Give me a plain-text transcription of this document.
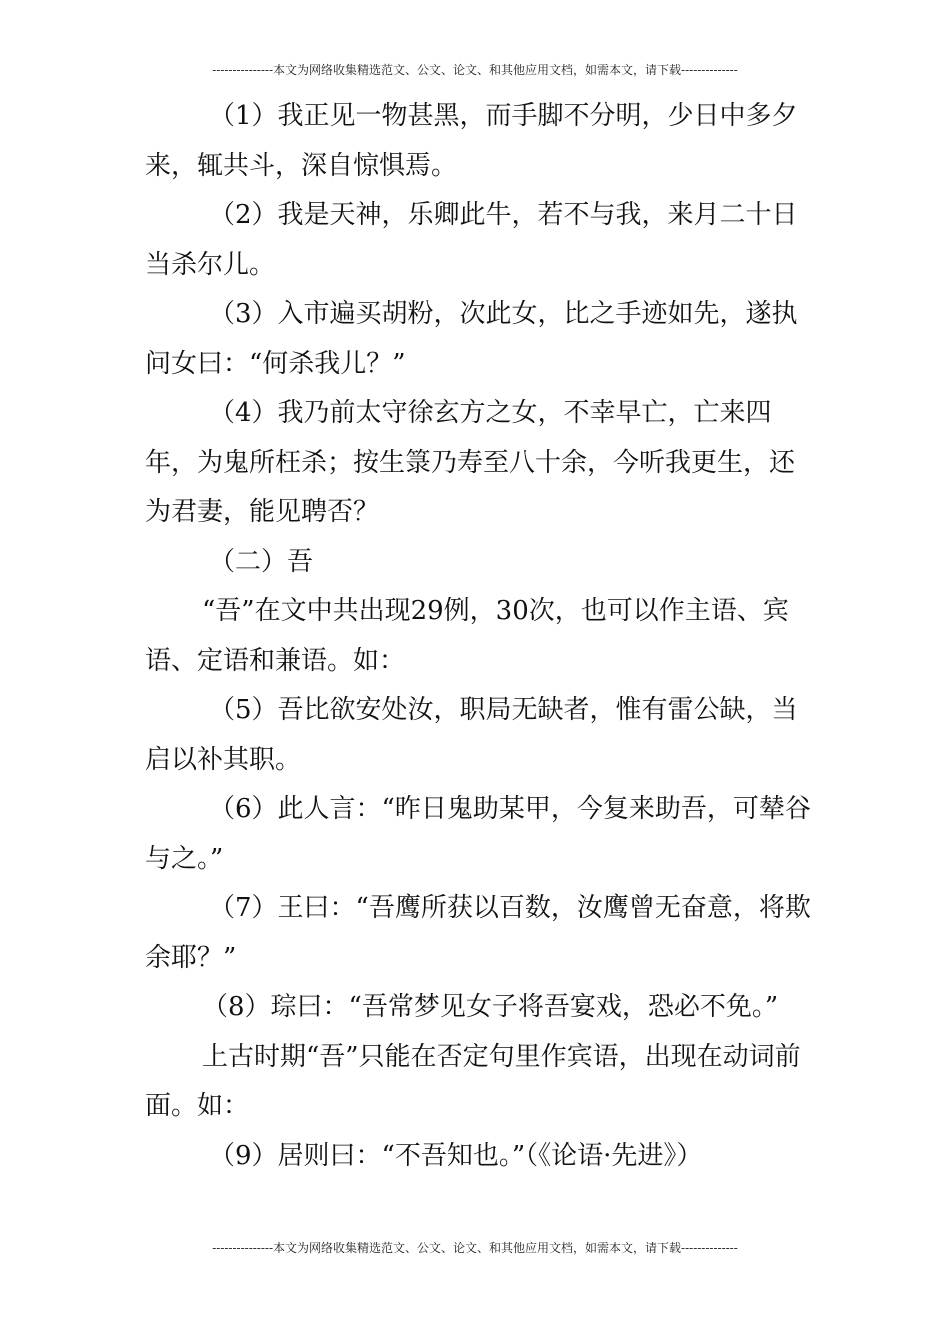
---------------本文为网络收集精选范文、公文、论文、和其他应用文档，如需本文，请下载--------------

（1）我正见一物甚黑，而手脚不分明，少日中多夕来，辄共斗，深自惊惧焉。

（2）我是天神，乐卿此牛，若不与我，来月二十日当杀尔儿。

（3）入市遍买胡粉，次此女，比之手迹如先，遂执问女曰：“何杀我儿？”

（4）我乃前太守徐玄方之女，不幸早亡，亡来四年，为鬼所枉杀；按生箓乃寿至八十余，今听我更生，还为君妻，能见聘否？

（二）吾

“吾”在文中共出现29例，30次，也可以作主语、宾语、定语和兼语。如：

（5）吾比欲安处汝，职局无缺者，惟有雷公缺，当启以补其职。

（6）此人言：“昨日鬼助某甲，今复来助吾，可辇谷与之。”

（7）王曰：“吾鹰所获以百数，汝鹰曾无奋意，将欺余耶？”

（8）琮曰：“吾常梦见女子将吾宴戏，恐必不免。”

上古时期“吾”只能在否定句里作宾语，出现在动词前面。如：

（9）居则曰：“不吾知也。”（《论语·先进》）

---------------本文为网络收集精选范文、公文、论文、和其他应用文档，如需本文，请下载--------------
